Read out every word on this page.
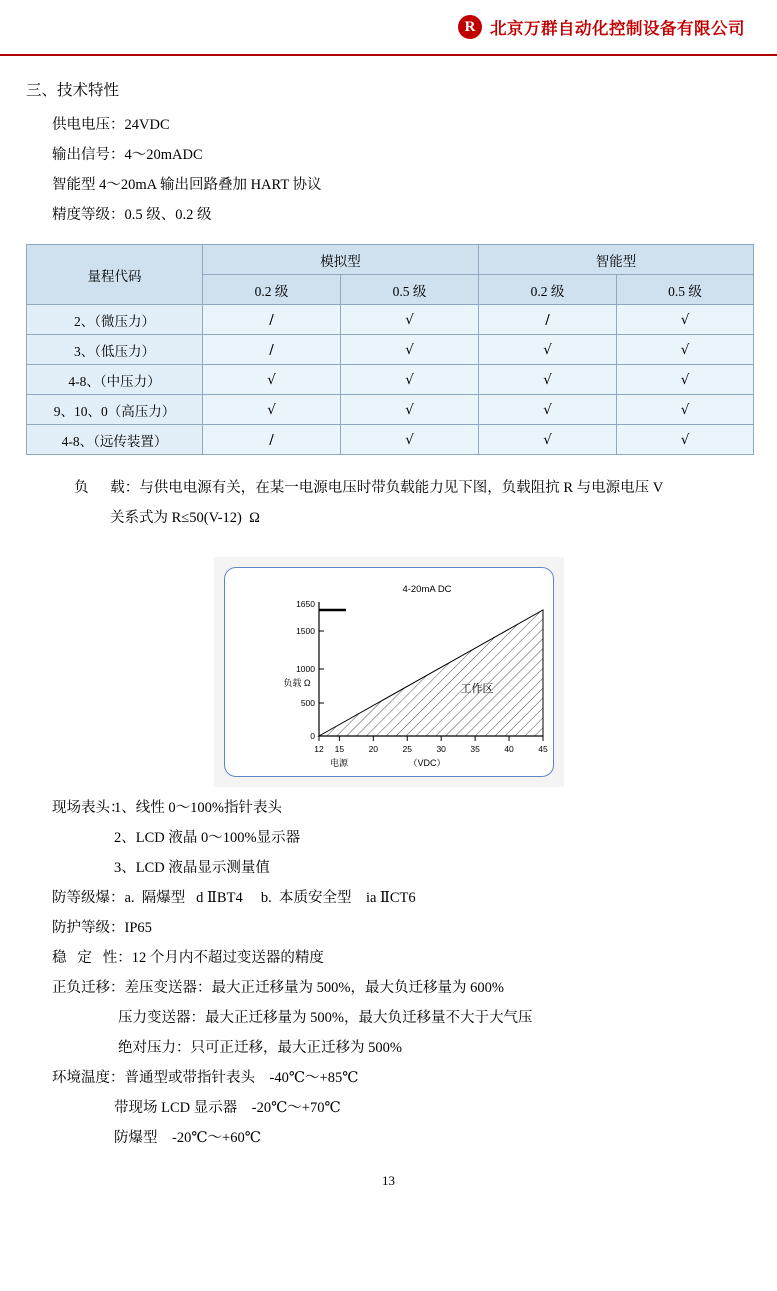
R 北京万群自动化控制设备有限公司
三、技术特性
供电电压：24VDC
输出信号：4～20mADC
智能型 4～20mA 输出回路叠加 HART 协议
精度等级：0.5 级、0.2 级
量程代码	模拟型		智能型	
	0.2 级	0.5 级	0.2 级	0.5 级
2、（微压力）	/	√	/	√
3、（低压力）	/	√	√	√
4-8、（中压力）	√	√	√	√
9、10、0（高压力）	√	√	√	√
4-8、（远传装置）	/	√	√	√
负      载：与供电电源有关，在某一电源电压时带负载能力见下图，负载阻抗 R 与电源电压 V
关系式为 R≤50(V-12)  Ω
4-20mA DC
1650
1500
1000
500
0
负载 Ω
12 15	20	25	30	35	40	45
电源	（VDC）
工作区
现场表头：
1、线性 0～100%指针表头
2、LCD 液晶 0～100%显示器
3、LCD 液晶显示测量值
防等级爆：a.  隔爆型   d ⅡBT4     b.  本质安全型    ia ⅡCT6
防护等级：IP65
稳   定   性：12 个月内不超过变送器的精度
正负迁移：差压变送器：最大正迁移量为 500%，最大负迁移量为 600%
压力变送器：最大正迁移量为 500%，最大负迁移量不大于大气压
绝对压力：只可正迁移，最大正迁移为 500%
环境温度：普通型或带指针表头    -40℃～+85℃
带现场 LCD 显示器    -20℃～+70℃
防爆型    -20℃～+60℃
13
